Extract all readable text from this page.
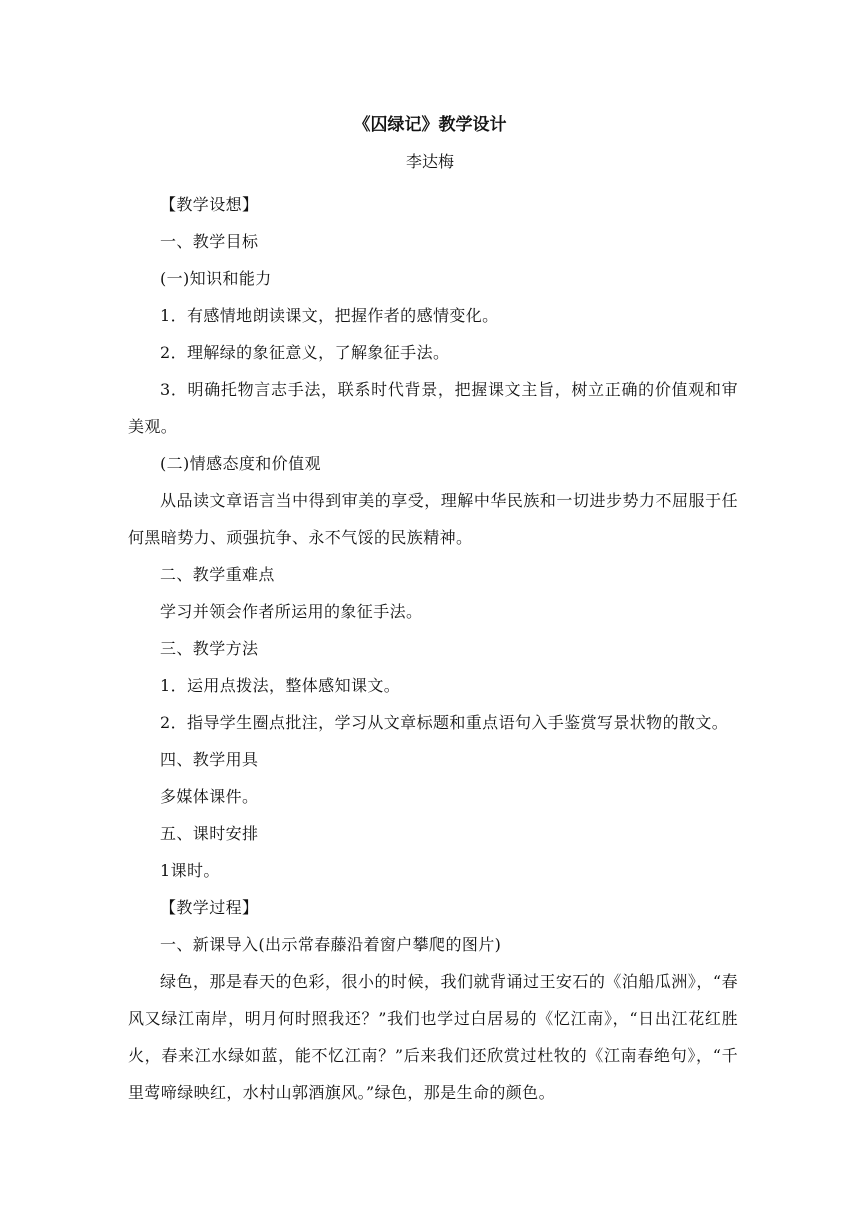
《囚绿记》教学设计
李达梅

【教学设想】

一、教学目标

(一)知识和能力

1．有感情地朗读课文，把握作者的感情变化。

2．理解绿的象征意义，了解象征手法。

3．明确托物言志手法，联系时代背景，把握课文主旨，树立正确的价值观和审美观。

(二)情感态度和价值观

从品读文章语言当中得到审美的享受，理解中华民族和一切进步势力不屈服于任何黑暗势力、顽强抗争、永不气馁的民族精神。

二、教学重难点

学习并领会作者所运用的象征手法。

三、教学方法

1．运用点拨法，整体感知课文。

2．指导学生圈点批注，学习从文章标题和重点语句入手鉴赏写景状物的散文。

四、教学用具

多媒体课件。

五、课时安排

1课时。

【教学过程】

一、新课导入(出示常春藤沿着窗户攀爬的图片)

绿色，那是春天的色彩，很小的时候，我们就背诵过王安石的《泊船瓜洲》，“春风又绿江南岸，明月何时照我还？”我们也学过白居易的《忆江南》，“日出江花红胜火，春来江水绿如蓝，能不忆江南？”后来我们还欣赏过杜牧的《江南春绝句》，“千里莺啼绿映红，水村山郭酒旗风。”绿色，那是生命的颜色。
